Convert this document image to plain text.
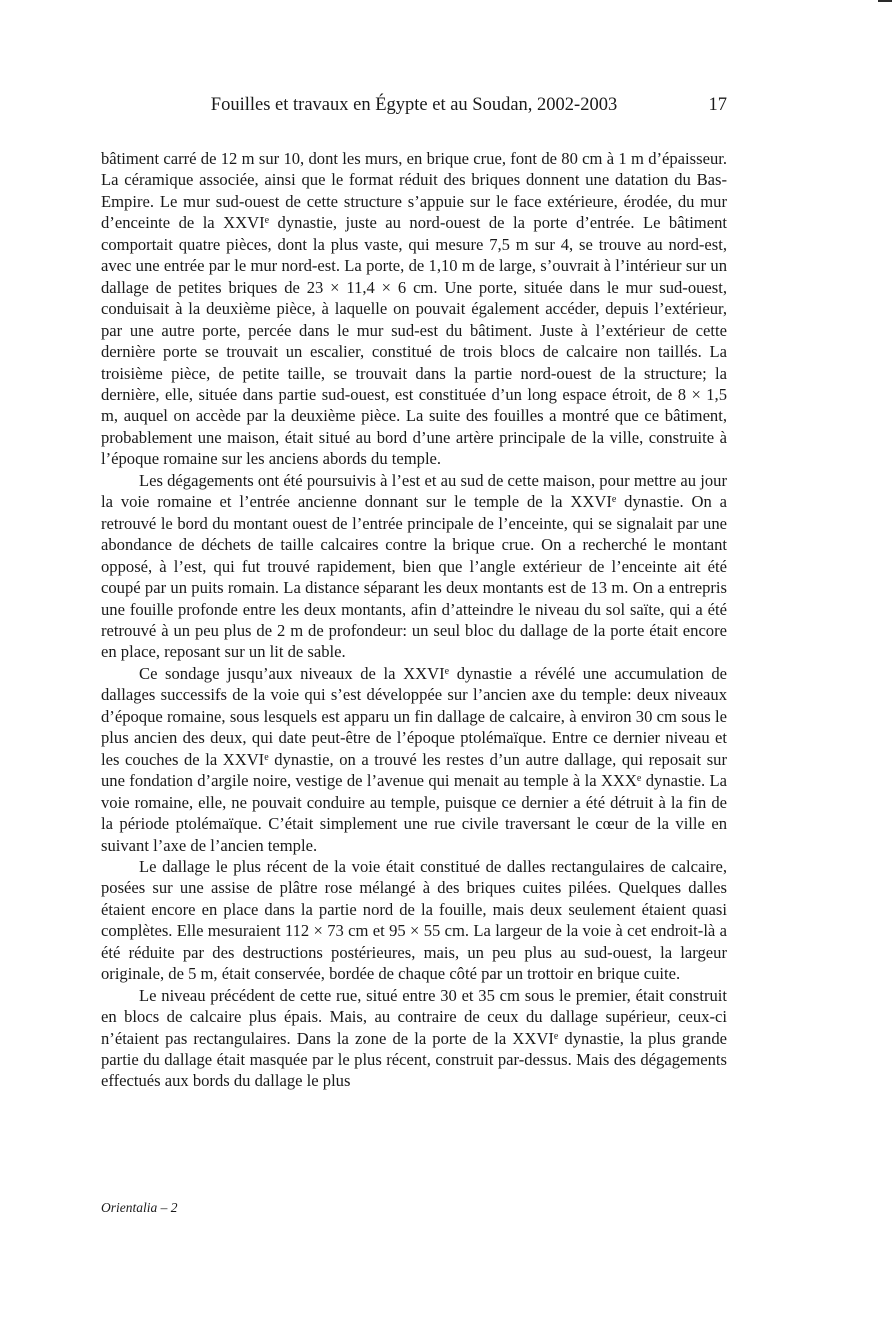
Fouilles et travaux en Égypte et au Soudan, 2002-2003	17

bâtiment carré de 12 m sur 10, dont les murs, en brique crue, font de 80 cm à 1 m d’épaisseur. La céramique associée, ainsi que le format réduit des briques donnent une datation du Bas-Empire. Le mur sud-ouest de cette structure s’appuie sur le face extérieure, érodée, du mur d’enceinte de la XXVIe dynastie, juste au nord-ouest de la porte d’entrée. Le bâtiment comportait quatre pièces, dont la plus vaste, qui mesure 7,5 m sur 4, se trouve au nord-est, avec une entrée par le mur nord-est. La porte, de 1,10 m de large, s’ouvrait à l’intérieur sur un dallage de petites briques de 23 × 11,4 × 6 cm. Une porte, située dans le mur sud-ouest, conduisait à la deuxième pièce, à laquelle on pouvait également accéder, depuis l’extérieur, par une autre porte, percée dans le mur sud-est du bâtiment. Juste à l’extérieur de cette dernière porte se trouvait un escalier, constitué de trois blocs de calcaire non taillés. La troisième pièce, de petite taille, se trouvait dans la partie nord-ouest de la structure; la dernière, elle, située dans partie sud-ouest, est constituée d’un long espace étroit, de 8 × 1,5 m, auquel on accède par la deuxième pièce. La suite des fouilles a montré que ce bâtiment, probablement une maison, était situé au bord d’une artère principale de la ville, construite à l’époque romaine sur les anciens abords du temple.

Les dégagements ont été poursuivis à l’est et au sud de cette maison, pour mettre au jour la voie romaine et l’entrée ancienne donnant sur le temple de la XXVIe dynastie. On a retrouvé le bord du montant ouest de l’entrée principale de l’enceinte, qui se signalait par une abondance de déchets de taille calcaires contre la brique crue. On a recherché le montant opposé, à l’est, qui fut trouvé rapidement, bien que l’angle extérieur de l’enceinte ait été coupé par un puits romain. La distance séparant les deux montants est de 13 m. On a entrepris une fouille profonde entre les deux montants, afin d’atteindre le niveau du sol saïte, qui a été retrouvé à un peu plus de 2 m de profondeur: un seul bloc du dallage de la porte était encore en place, reposant sur un lit de sable.

Ce sondage jusqu’aux niveaux de la XXVIe dynastie a révélé une accumulation de dallages successifs de la voie qui s’est développée sur l’ancien axe du temple: deux niveaux d’époque romaine, sous lesquels est apparu un fin dallage de calcaire, à environ 30 cm sous le plus ancien des deux, qui date peut-être de l’époque ptolémaïque. Entre ce dernier niveau et les couches de la XXVIe dynastie, on a trouvé les restes d’un autre dallage, qui reposait sur une fondation d’argile noire, vestige de l’avenue qui menait au temple à la XXXe dynastie. La voie romaine, elle, ne pouvait conduire au temple, puisque ce dernier a été détruit à la fin de la période ptolémaïque. C’était simplement une rue civile traversant le cœur de la ville en suivant l’axe de l’ancien temple.

Le dallage le plus récent de la voie était constitué de dalles rectangulaires de calcaire, posées sur une assise de plâtre rose mélangé à des briques cuites pilées. Quelques dalles étaient encore en place dans la partie nord de la fouille, mais deux seulement étaient quasi complètes. Elle mesuraient 112 × 73 cm et 95 × 55 cm. La largeur de la voie à cet endroit-là a été réduite par des destructions postérieures, mais, un peu plus au sud-ouest, la largeur originale, de 5 m, était conservée, bordée de chaque côté par un trottoir en brique cuite.

Le niveau précédent de cette rue, situé entre 30 et 35 cm sous le premier, était construit en blocs de calcaire plus épais. Mais, au contraire de ceux du dallage supérieur, ceux-ci n’étaient pas rectangulaires. Dans la zone de la porte de la XXVIe dynastie, la plus grande partie du dallage était masquée par le plus récent, construit par-dessus. Mais des dégagements effectués aux bords du dallage le plus

Orientalia – 2
